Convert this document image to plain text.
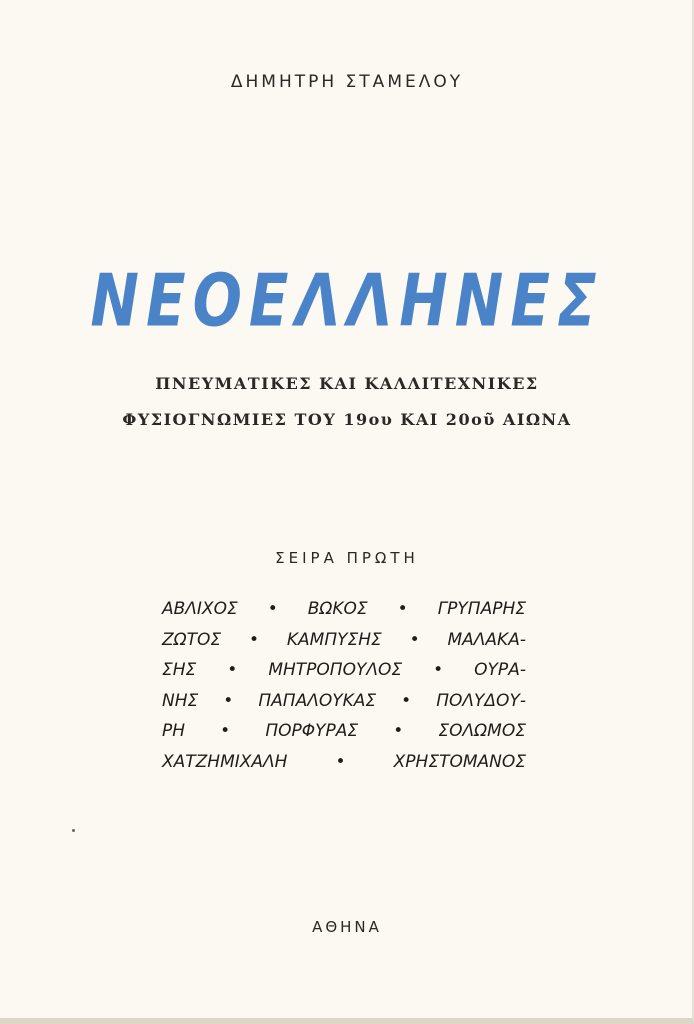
ΔΗΜΗΤΡΗ ΣΤΑΜΕΛΟΥ
ΝΕΟΕΛΛΗΝΕΣ
ΠΝΕΥΜΑΤΙΚΕΣ ΚΑΙ ΚΑΛΛΙΤΕΧΝΙΚΕΣ
ΦΥΣΙΟΓΝΩΜΙΕΣ ΤΟΥ 19ου ΚΑΙ 20οῦ ΑΙΩΝΑ
ΣΕΙΡΑ ΠΡΩΤΗ
ΑΒΛΙΧΟΣ • ΒΩΚΟΣ • ΓΡΥΠΑΡΗΣ
ΖΩΤΟΣ • ΚΑΜΠΥΣΗΣ • ΜΑΛΑΚΑ-
ΣΗΣ • ΜΗΤΡΟΠΟΥΛΟΣ • ΟΥΡΑ-
ΝΗΣ • ΠΑΠΑΛΟΥΚΑΣ • ΠΟΛΥΔΟΥ-
ΡΗ • ΠΟΡΦΥΡΑΣ • ΣΟΛΩΜΟΣ
ΧΑΤΖΗΜΙΧΑΛΗ	•	ΧΡΗΣΤΟΜΑΝΟΣ
ΑΘΗΝΑ
